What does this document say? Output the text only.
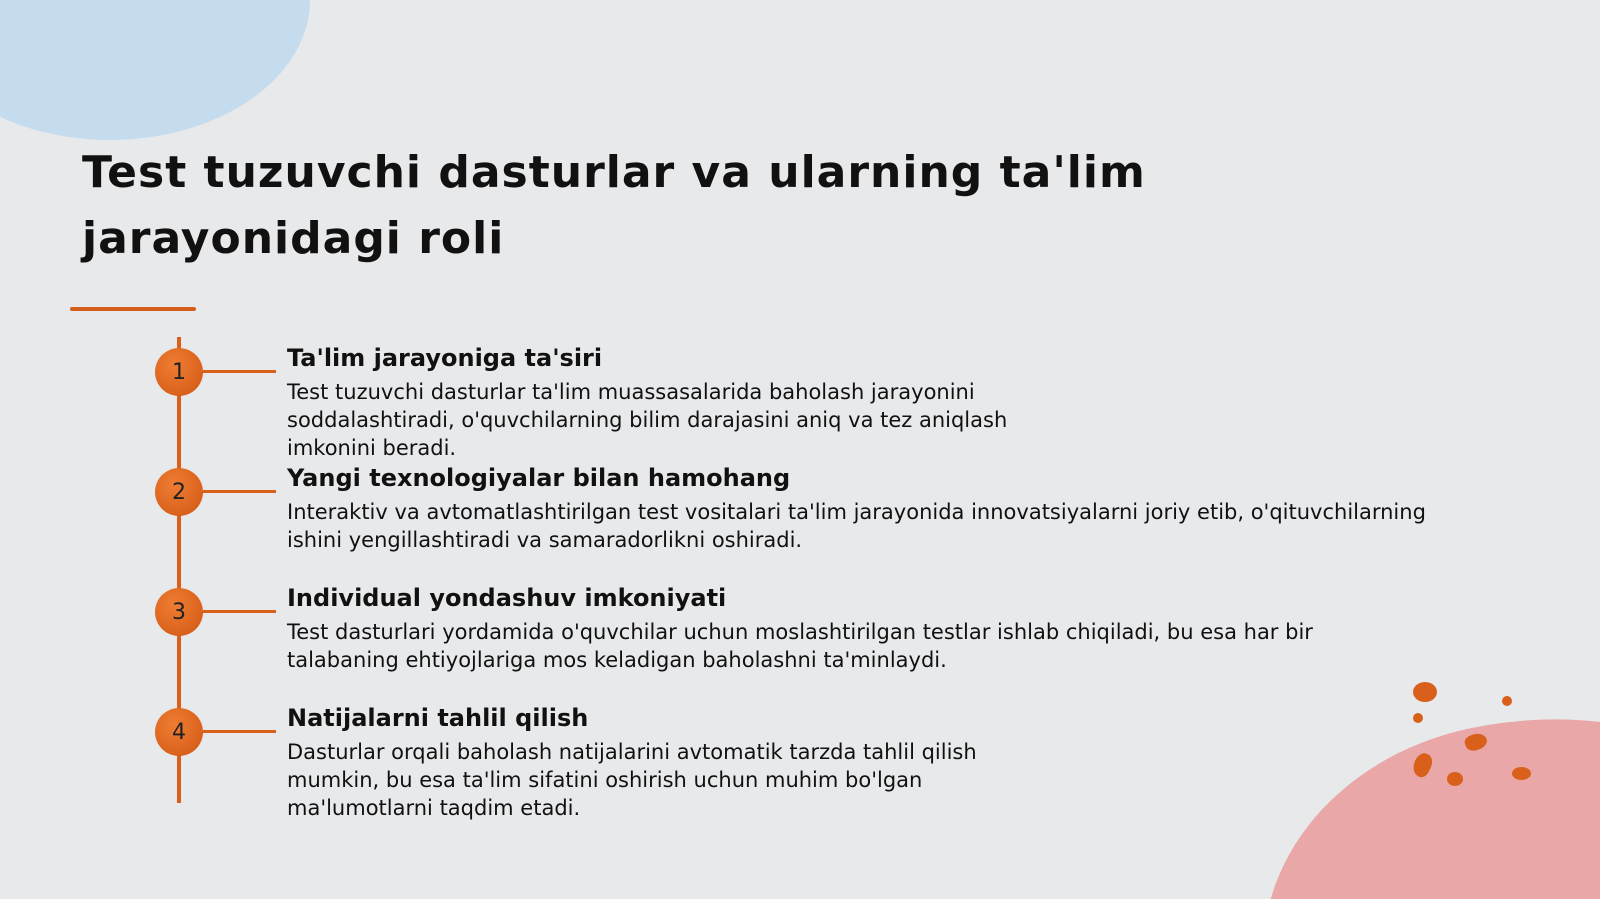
Test tuzuvchi dasturlar va ularning ta'lim jarayonidagi roli
1	Ta'lim jarayoniga ta'siri

Test tuzuvchi dasturlar ta'lim muassasalarida baholash jarayonini soddalashtiradi, o'quvchilarning bilim darajasini aniq va tez aniqlash imkonini beradi.

2	Yangi texnologiyalar bilan hamohang

Interaktiv va avtomatlashtirilgan test vositalari ta'lim jarayonida innovatsiyalarni joriy etib, o'qituvchilarning ishini yengillashtiradi va samaradorlikni oshiradi.

3	Individual yondashuv imkoniyati

Test dasturlari yordamida o'quvchilar uchun moslashtirilgan testlar ishlab chiqiladi, bu esa har bir talabaning ehtiyojlariga mos keladigan baholashni ta'minlaydi.

4	Natijalarni tahlil qilish

Dasturlar orqali baholash natijalarini avtomatik tarzda tahlil qilish mumkin, bu esa ta'lim sifatini oshirish uchun muhim bo'lgan ma'lumotlarni taqdim etadi.
